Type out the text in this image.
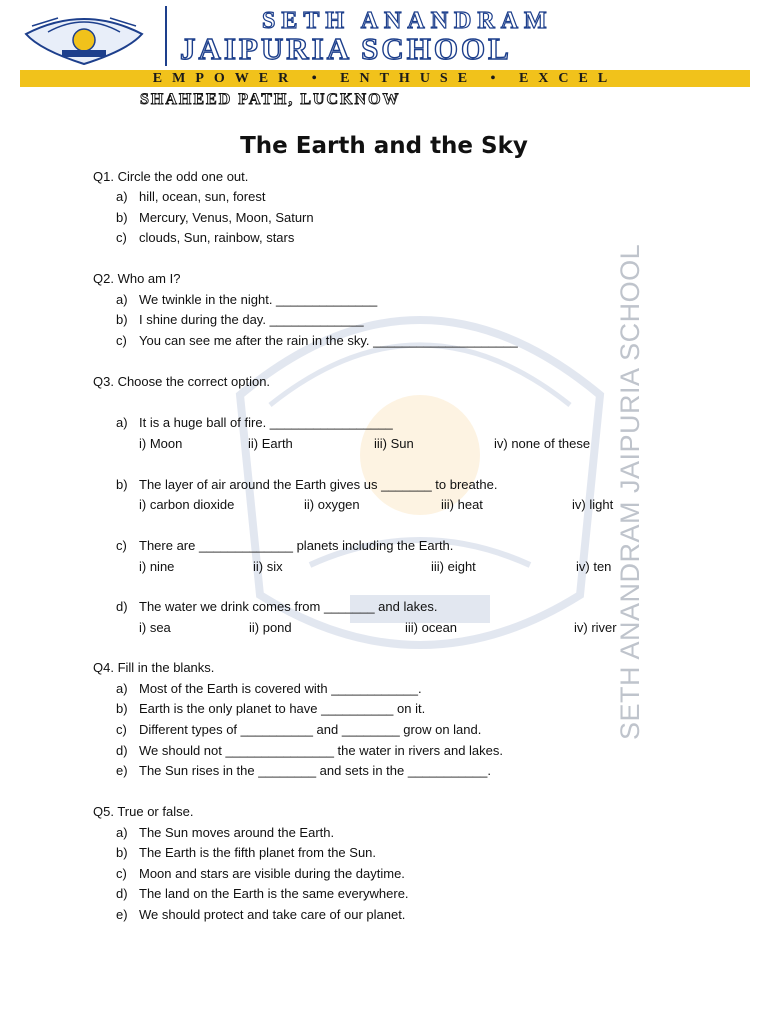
SETH ANANDRAM
JAIPURIA SCHOOL
EMPOWER • ENTHUSE • EXCEL
SHAHEED PATH, LUCKNOW
SETH ANANDRAM JAIPURIA SCHOOL
The Earth and the Sky
Q1. Circle the odd one out.
a) hill, ocean, sun, forest
b) Mercury, Venus, Moon, Saturn
c) clouds, Sun, rainbow, stars
Q2. Who am I?
a) We twinkle in the night. ______________
b) I shine during the day. _____________
c) You can see me after the rain in the sky. ____________________
Q3. Choose the correct option.
a) It is a huge ball of fire. _________________
i) Moon	ii) Earth	iii) Sun	iv) none of these
b) The layer of air around the Earth gives us _______ to breathe.
i) carbon dioxide	ii) oxygen	iii) heat	iv) light
c) There are _____________ planets including the Earth.
i) nine	ii) six	iii) eight	iv) ten
d) The water we drink comes from _______ and lakes.
i) sea	ii) pond	iii) ocean	iv) river
Q4. Fill in the blanks.
a) Most of the Earth is covered with ____________.
b) Earth is the only planet to have __________ on it.
c) Different types of __________ and ________ grow on land.
d) We should not _______________ the water in rivers and lakes.
e) The Sun rises in the ________ and sets in the ___________.
Q5. True or false.
a) The Sun moves around the Earth.
b) The Earth is the fifth planet from the Sun.
c) Moon and stars are visible during the daytime.
d) The land on the Earth is the same everywhere.
e) We should protect and take care of our planet.
